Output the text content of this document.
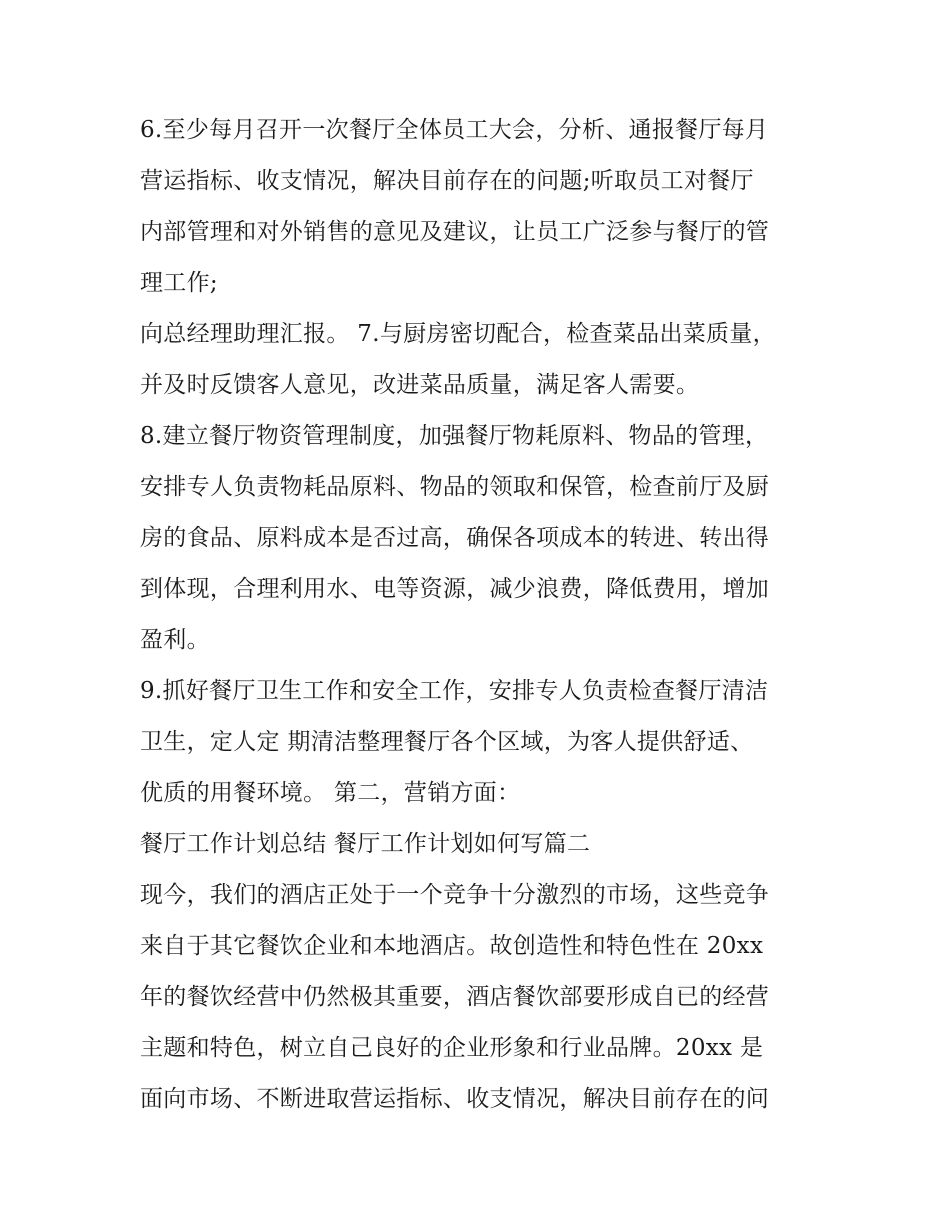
6.至少每月召开一次餐厅全体员工大会，分析、通报餐厅每月
营运指标、收支情况，解决目前存在的问题;听取员工对餐厅
内部管理和对外销售的意见及建议，让员工广泛参与餐厅的管
理工作;
向总经理助理汇报。 7.与厨房密切配合，检查菜品出菜质量，
并及时反馈客人意见，改进菜品质量，满足客人需要。
8.建立餐厅物资管理制度，加强餐厅物耗原料、物品的管理，
安排专人负责物耗品原料、物品的领取和保管，检查前厅及厨
房的食品、原料成本是否过高，确保各项成本的转进、转出得
到体现，合理利用水、电等资源，减少浪费，降低费用，增加
盈利。
9.抓好餐厅卫生工作和安全工作，安排专人负责检查餐厅清洁
卫生，定人定 期清洁整理餐厅各个区域，为客人提供舒适、
优质的用餐环境。 第二，营销方面：
餐厅工作计划总结 餐厅工作计划如何写篇二
现今，我们的酒店正处于一个竞争十分激烈的市场，这些竞争
来自于其它餐饮企业和本地酒店。故创造性和特色性在 20xx
年的餐饮经营中仍然极其重要，酒店餐饮部要形成自已的经营
主题和特色，树立自己良好的企业形象和行业品牌。20xx 是
面向市场、不断进取营运指标、收支情况，解决目前存在的问
